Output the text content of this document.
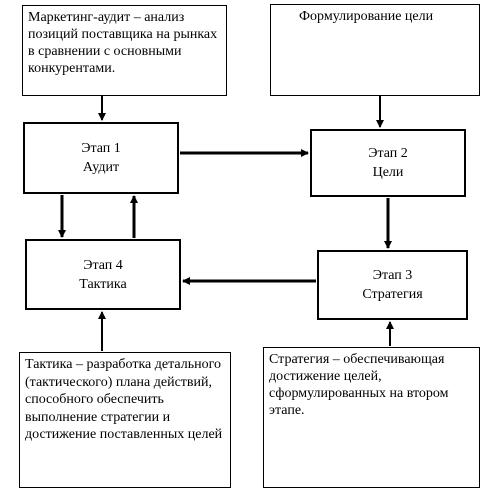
Маркетинг-аудит – анализ позиций поставщика на рынках в сравнении с основными конкурентами.
Формулирование цели
Тактика – разработка детального (тактического) плана действий, способного обеспечить выполнение стратегии и достижение поставленных целей
Стратегия – обеспечивающая достижение целей, сформулированных на втором этапе.
Этап 1
Аудит
Этап 2
Цели
Этап 3
Стратегия
Этап 4
Тактика
